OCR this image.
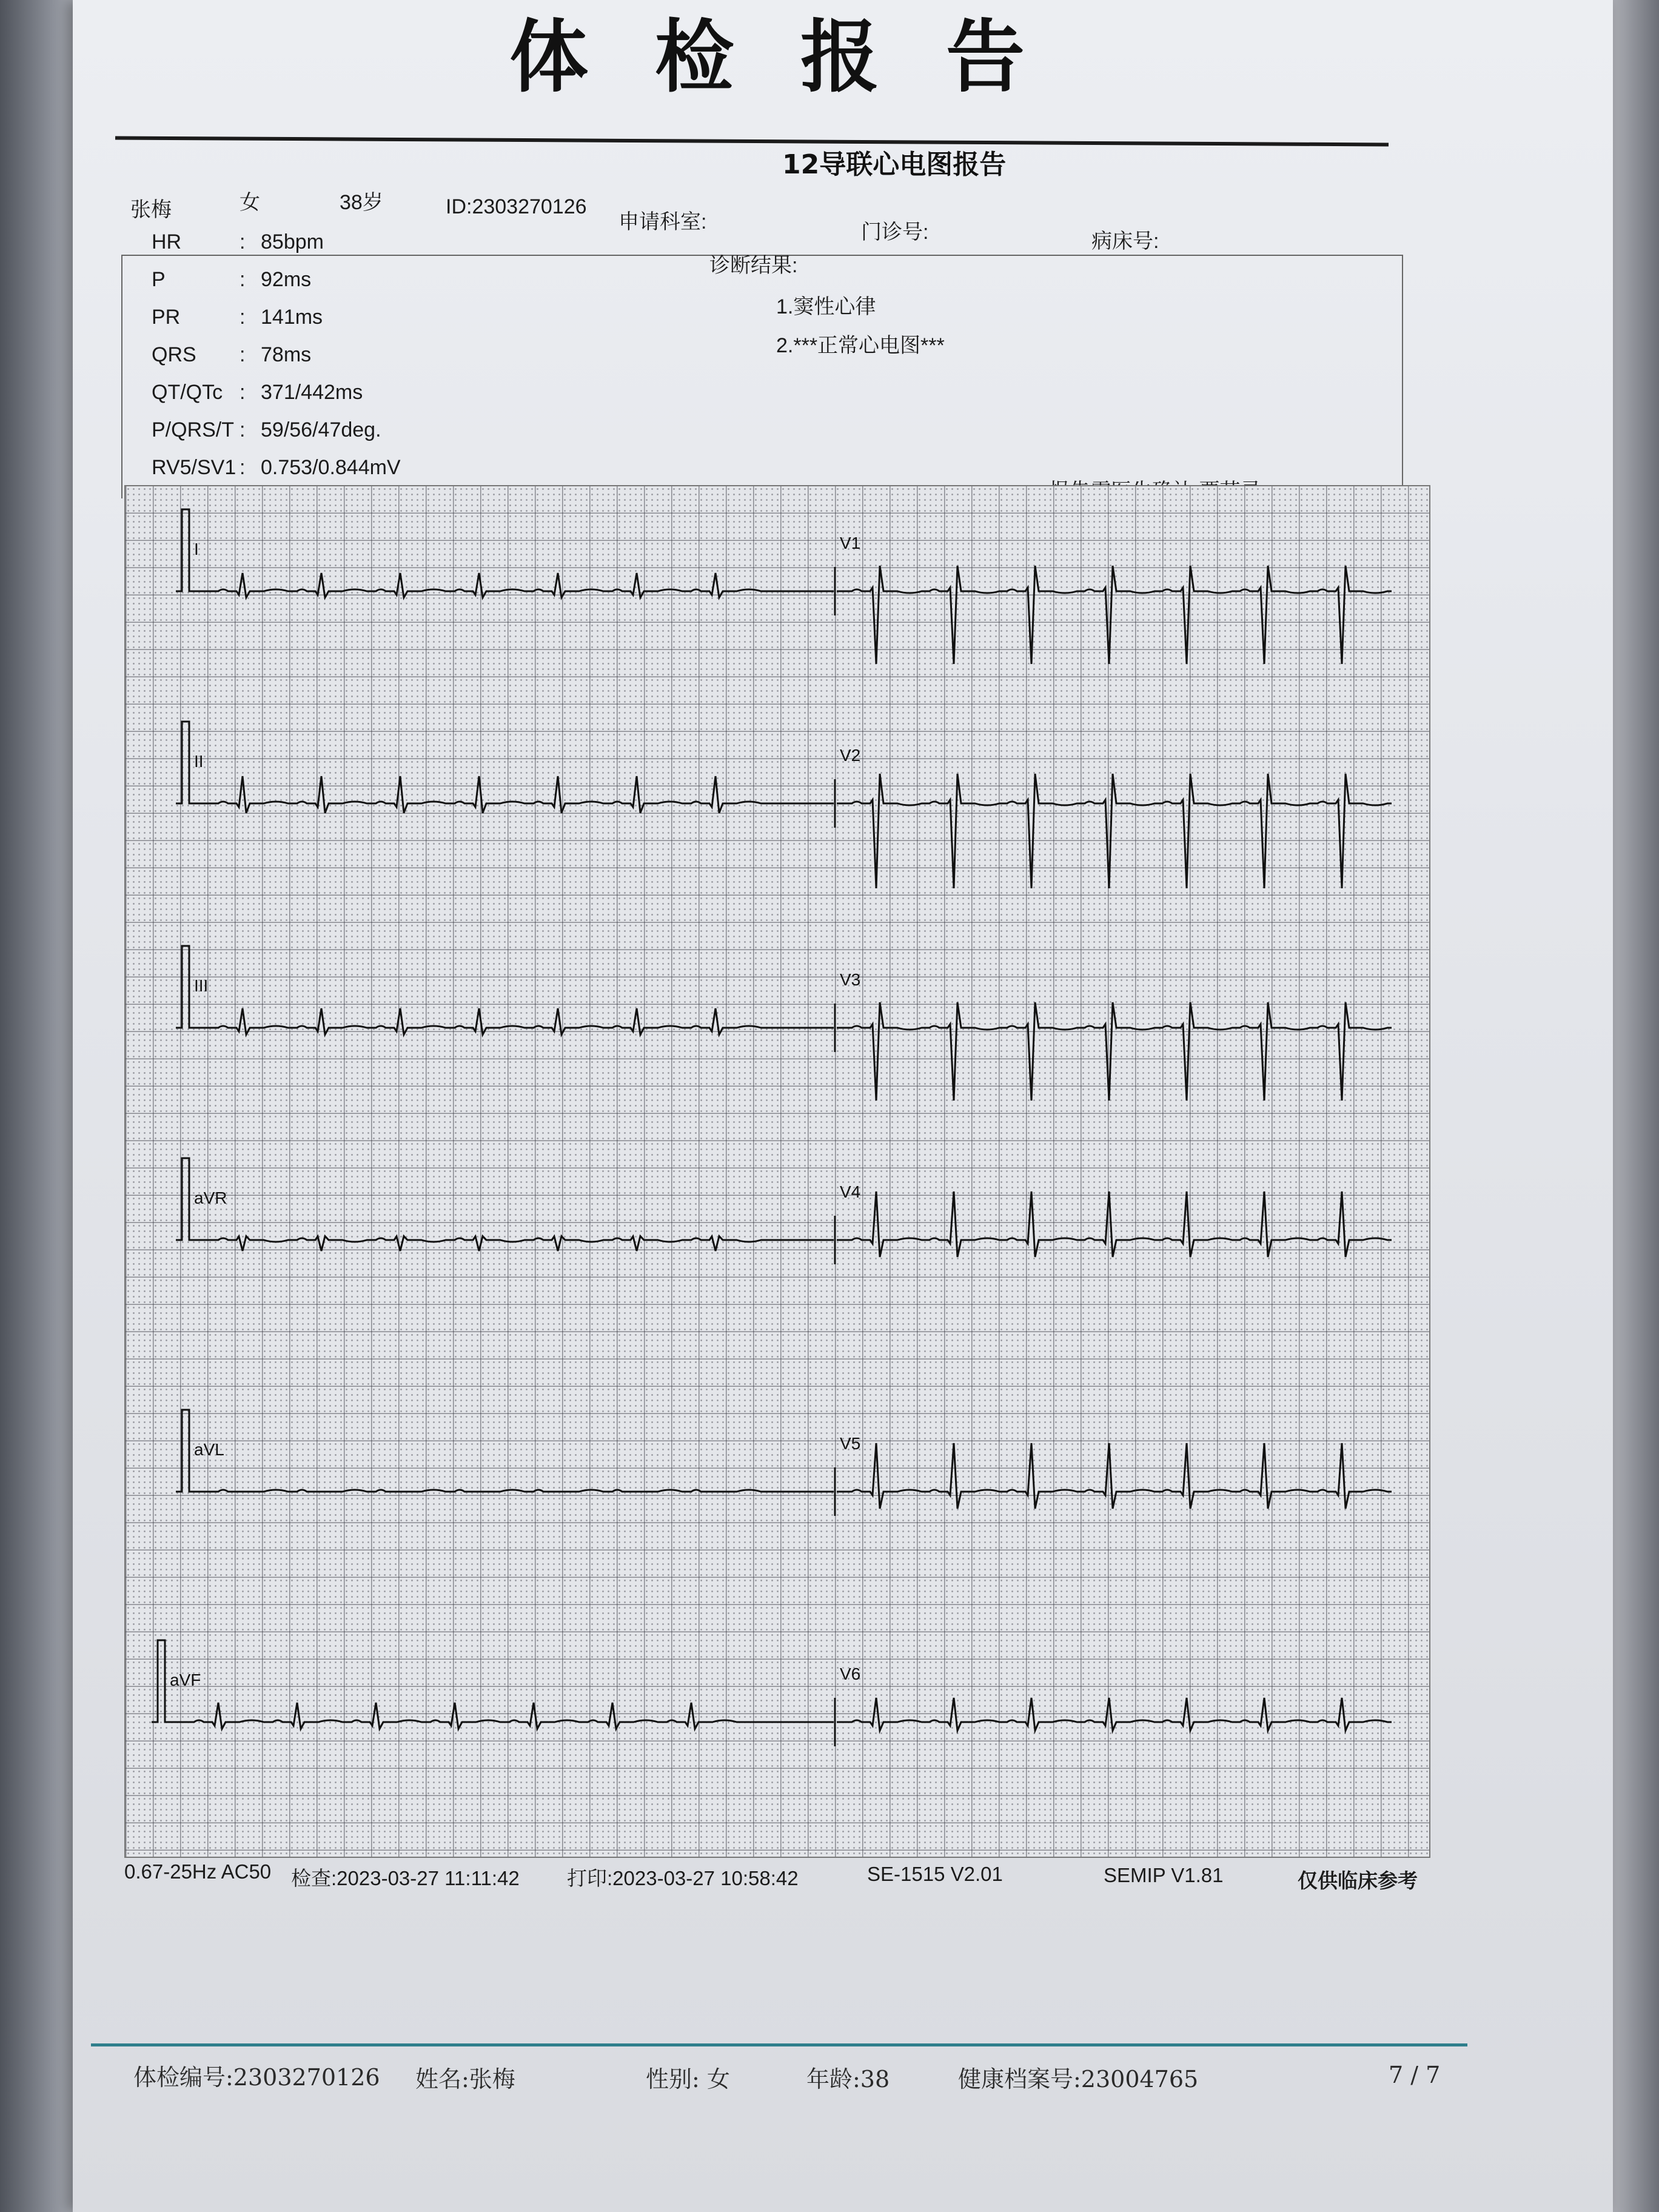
体检报告
12导联心电图报告
张梅	女	38岁	ID:2303270126
申请科室:	门诊号:	病床号:
HR	: 85bpm
P	: 92ms
PR	: 141ms
QRS : 78ms
QT/QTc : 371/442ms
P/QRS/T : 59/56/47deg.
RV5/SV1 : 0.753/0.844mV
诊断结果:
1.窦性心律
2.***正常心电图***
I	V1
II	V2
III	V3
aVR	V4
aVL	V5
aVF	V6
0.67-25Hz AC50 检查:2023-03-27 11:11:42 打印:2023-03-27 10:58:42	SE-1515 V2.01	SEMIP V1.81	仅供临床参考
体检编号:2303270126 姓名:张梅	性别: 女	年龄:38	健康档案号:23004765	7 / 7
